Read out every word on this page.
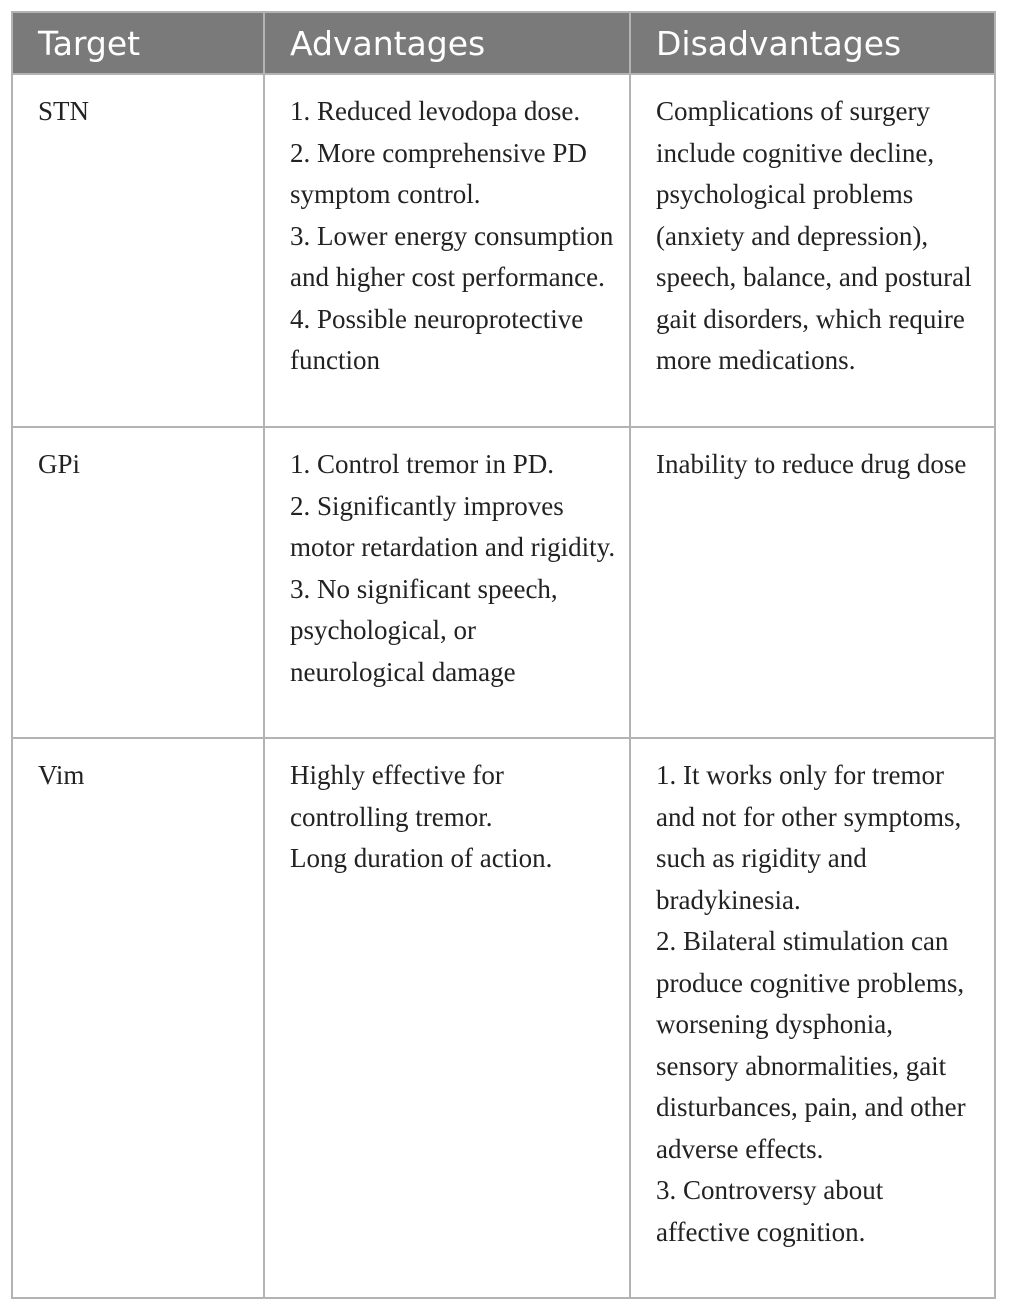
Target	Advantages	Disadvantages
STN	1. Reduced levodopa dose.
2. More comprehensive PD symptom control.
3. Lower energy consumption and higher cost performance.
4. Possible neuroprotective function	Complications of surgery include cognitive decline, psychological problems (anxiety and depression), speech, balance, and postural gait disorders, which require more medications.

GPi	1. Control tremor in PD.
2. Significantly improves motor retardation and rigidity.
3. No significant speech, psychological, or neurological damage	Inability to reduce drug dose

Vim	Highly effective for controlling tremor.
Long duration of action.	1. It works only for tremor and not for other symptoms, such as rigidity and bradykinesia.
2. Bilateral stimulation can produce cognitive problems, worsening dysphonia, sensory abnormalities, gait disturbances, pain, and other adverse effects.
3. Controversy about affective cognition.
